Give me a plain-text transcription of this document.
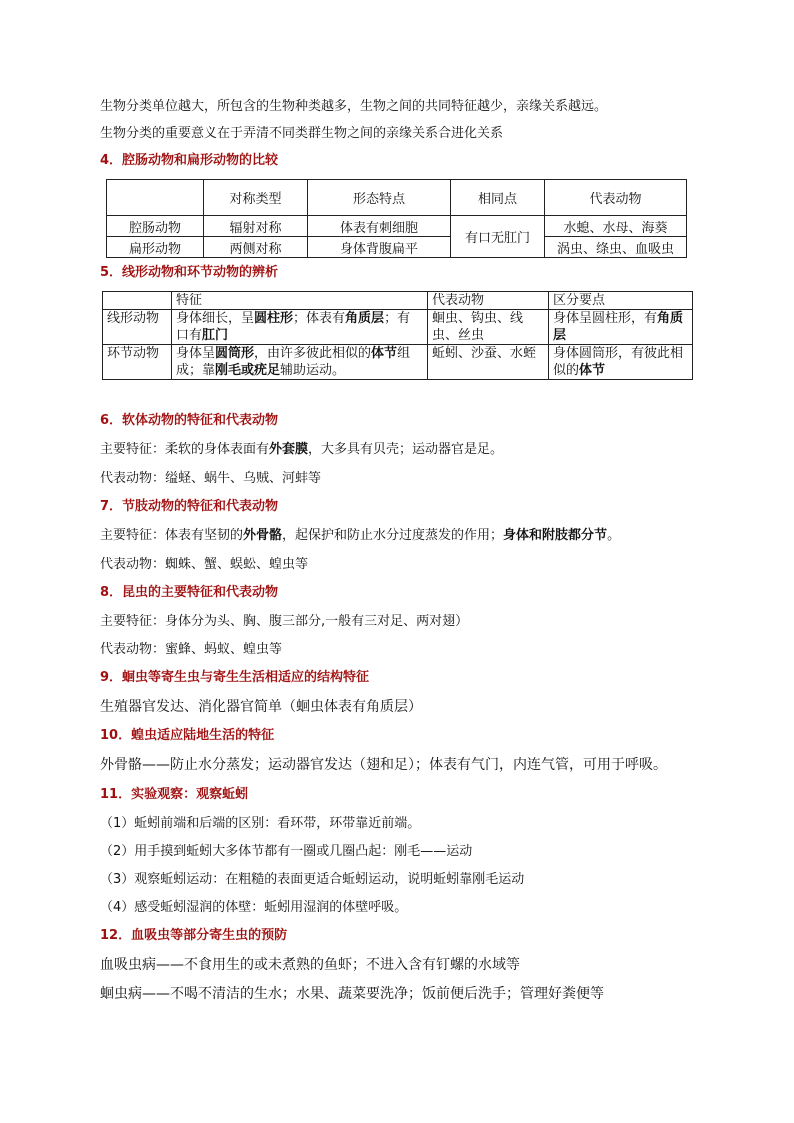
生物分类单位越大，所包含的生物种类越多，生物之间的共同特征越少，亲缘关系越远。
生物分类的重要意义在于弄清不同类群生物之间的亲缘关系合进化关系
4．腔肠动物和扁形动物的比较
	对称类型	形态特点	相同点	代表动物
腔肠动物	辐射对称	体表有刺细胞	有口无肛门	水螅、水母、海葵
扁形动物	两侧对称	身体背腹扁平		涡虫、绦虫、血吸虫
5．线形动物和环节动物的辨析
	特征	代表动物	区分要点
线形动物	身体细长，呈圆柱形；体表有角质层；有口有肛门	蛔虫、钩虫、线虫、丝虫	身体呈圆柱形，有角质层
环节动物	身体呈圆筒形，由许多彼此相似的体节组成；靠刚毛或疣足辅助运动。	蚯蚓、沙蚕、水蛭	身体圆筒形，有彼此相似的体节
6．软体动物的特征和代表动物
主要特征：柔软的身体表面有外套膜，大多具有贝壳；运动器官是足。
代表动物：缢蛏、蜗牛、乌贼、河蚌等
7．节肢动物的特征和代表动物
主要特征：体表有坚韧的外骨骼，起保护和防止水分过度蒸发的作用；身体和附肢都分节。
代表动物：蜘蛛、蟹、蜈蚣、蝗虫等
8．昆虫的主要特征和代表动物
主要特征：身体分为头、胸、腹三部分,一般有三对足、两对翅）
代表动物：蜜蜂、蚂蚁、蝗虫等
9．蛔虫等寄生虫与寄生生活相适应的结构特征
生殖器官发达、消化器官简单（蛔虫体表有角质层）
10．蝗虫适应陆地生活的特征
外骨骼——防止水分蒸发；运动器官发达（翅和足）；体表有气门，内连气管，可用于呼吸。
11．实验观察：观察蚯蚓
（1）蚯蚓前端和后端的区别：看环带，环带靠近前端。
（2）用手摸到蚯蚓大多体节都有一圈或几圈凸起：刚毛——运动
（3）观察蚯蚓运动：在粗糙的表面更适合蚯蚓运动，说明蚯蚓靠刚毛运动
（4）感受蚯蚓湿润的体壁：蚯蚓用湿润的体壁呼吸。
12．血吸虫等部分寄生虫的预防
血吸虫病——不食用生的或未煮熟的鱼虾；不进入含有钉螺的水域等
蛔虫病——不喝不清洁的生水；水果、蔬菜要洗净；饭前便后洗手；管理好粪便等
